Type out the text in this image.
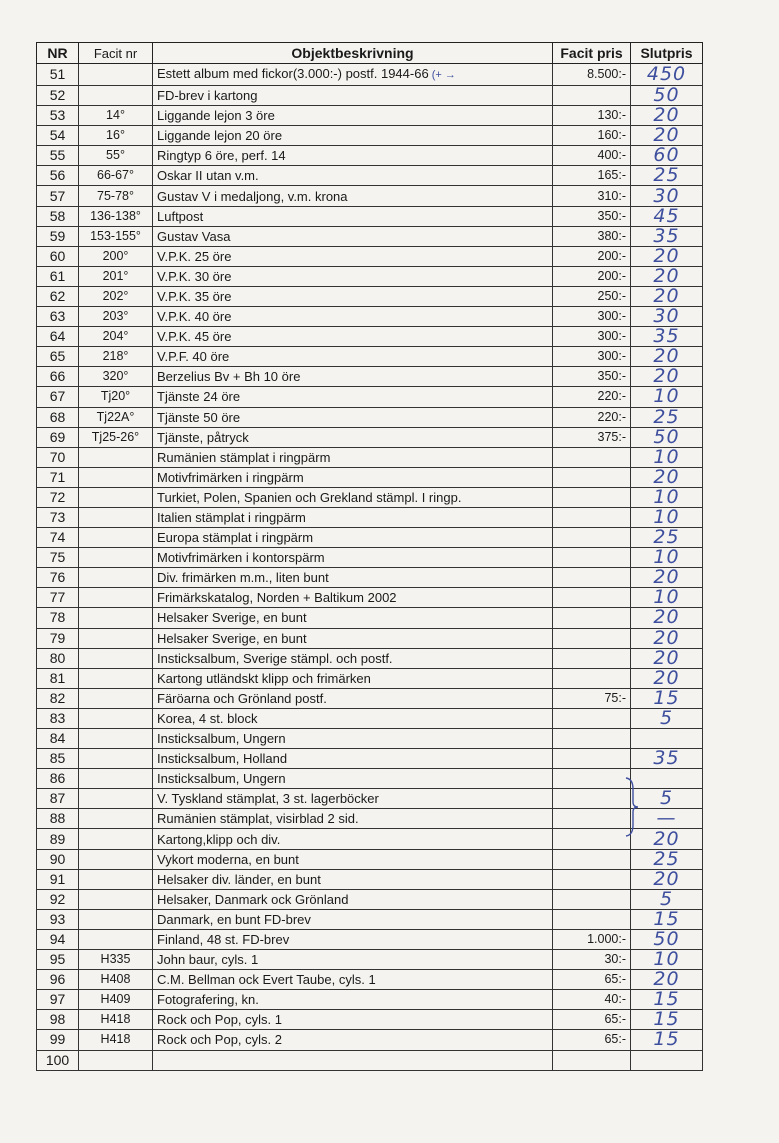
NR	Facit nr	Objektbeskrivning	Facit pris	Slutpris
51		Estett album med fickor(3.000:-) postf. 1944-66 (+ →	8.500:-	450
52		FD-brev i kartong		50
53	14°	Liggande lejon 3 öre	130:-	20
54	16°	Liggande lejon 20 öre	160:-	20
55	55°	Ringtyp 6 öre, perf. 14	400:-	60
56	66-67°	Oskar II utan v.m.	165:-	25
57	75-78°	Gustav V i medaljong, v.m. krona	310:-	30
58	136-138°	Luftpost	350:-	45
59	153-155°	Gustav Vasa	380:-	35
60	200°	V.P.K. 25 öre	200:-	20
61	201°	V.P.K. 30 öre	200:-	20
62	202°	V.P.K. 35 öre	250:-	20
63	203°	V.P.K. 40 öre	300:-	30
64	204°	V.P.K. 45 öre	300:-	35
65	218°	V.P.F. 40 öre	300:-	20
66	320°	Berzelius Bv + Bh 10 öre	350:-	20
67	Tj20°	Tjänste 24 öre	220:-	10
68	Tj22A°	Tjänste 50 öre	220:-	25
69	Tj25-26°	Tjänste, påtryck	375:-	50
70		Rumänien stämplat i ringpärm		10
71		Motivfrimärken i ringpärm		20
72		Turkiet, Polen, Spanien och Grekland stämpl. I ringp.		10
73		Italien stämplat i ringpärm		10
74		Europa stämplat i ringpärm		25
75		Motivfrimärken i kontorspärm		10
76		Div. frimärken m.m., liten bunt		20
77		Frimärkskatalog, Norden + Baltikum 2002		10
78		Helsaker Sverige, en bunt		20
79		Helsaker Sverige, en bunt		20
80		Insticksalbum, Sverige stämpl. och postf.		20
81		Kartong utländskt klipp och frimärken		20
82		Färöarna och Grönland postf.	75:-	15
83		Korea, 4 st. block		5
84		Insticksalbum, Ungern		
85		Insticksalbum, Holland		35
86		Insticksalbum, Ungern		
87		V. Tyskland stämplat, 3 st. lagerböcker		5
88		Rumänien stämplat, visirblad 2 sid.		—
89		Kartong,klipp och div.		20
90		Vykort moderna, en bunt		25
91		Helsaker div. länder, en bunt		20
92		Helsaker, Danmark ock Grönland		5
93		Danmark, en bunt FD-brev		15
94		Finland, 48 st. FD-brev	1.000:-	50
95	H335	John baur, cyls. 1	30:-	10
96	H408	C.M. Bellman ock Evert Taube, cyls. 1	65:-	20
97	H409	Fotografering, kn.	40:-	15
98	H418	Rock och Pop, cyls. 1	65:-	15
99	H418	Rock och Pop, cyls. 2	65:-	15
100				
